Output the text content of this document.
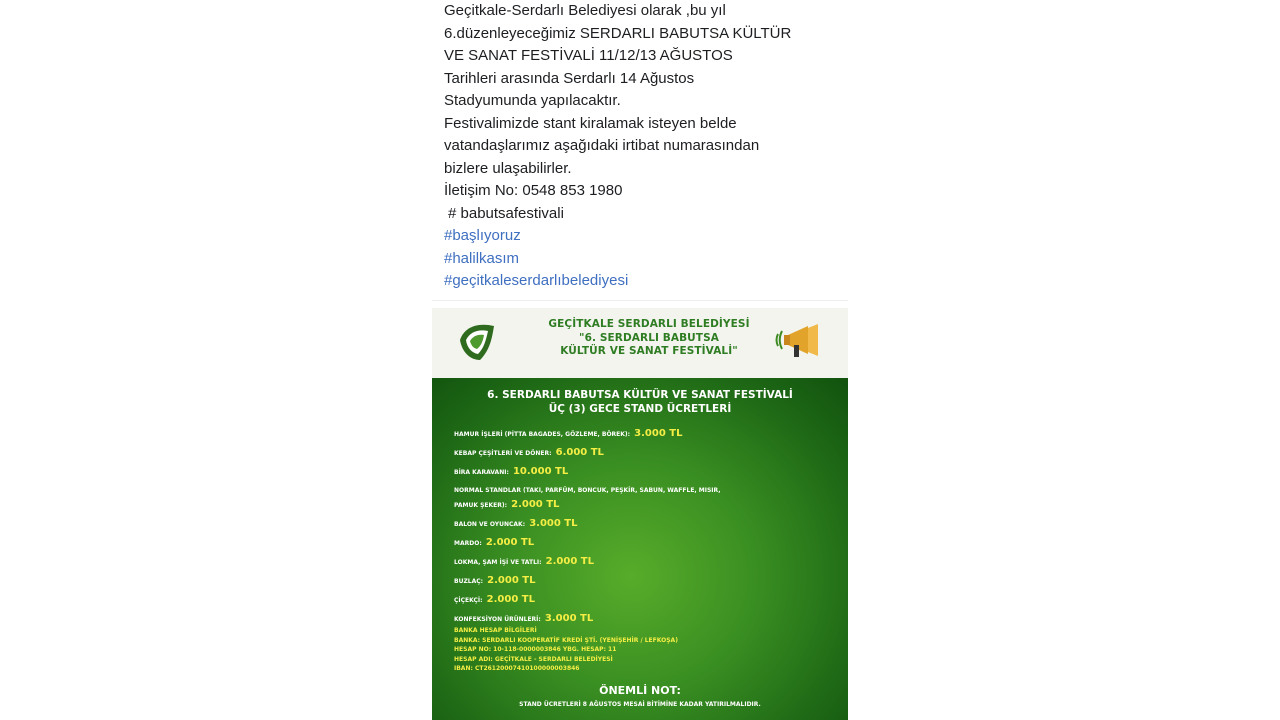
Geçitkale-Serdarlı Belediyesi olarak ,bu yıl
6.düzenleyeceğimiz SERDARLI BABUTSA KÜLTÜR
VE SANAT FESTİVALİ 11/12/13 AĞUSTOS
Tarihleri arasında Serdarlı 14 Ağustos
Stadyumunda yapılacaktır.
Festivalimizde stant kiralamak isteyen belde
vatandaşlarımız aşağıdaki irtibat numarasından
bizlere ulaşabilirler.
İletişim No: 0548 853 1980
# babutsafestivali
#başlıyoruz
#halilkasım
#geçitkaleserdarlıbelediyesi
GEÇİTKALE SERDARLI BELEDİYESİ
"6. SERDARLI BABUTSA
KÜLTÜR VE SANAT FESTİVALİ"
6. SERDARLI BABUTSA KÜLTÜR VE SANAT FESTİVALİ
ÜÇ (3) GECE STAND ÜCRETLERİ
HAMUR İŞLERİ (PİTTA BAGADES, GÖZLEME, BÖREK): 3.000 TL
KEBAP ÇEŞİTLERİ VE DÖNER: 6.000 TL
BİRA KARAVANI: 10.000 TL
NORMAL STANDLAR (TAKI, PARFÜM, BONCUK, PEŞKİR, SABUN, WAFFLE, MISIR,
PAMUK ŞEKER): 2.000 TL
BALON VE OYUNCAK: 3.000 TL
MARDO: 2.000 TL
LOKMA, ŞAM İŞİ VE TATLI: 2.000 TL
BUZLAÇ: 2.000 TL
ÇİÇEKÇİ: 2.000 TL
KONFEKSİYON ÜRÜNLERİ: 3.000 TL
BANKA HESAP BİLGİLERİ
BANKA: SERDARLI KOOPERATİF KREDİ ŞTİ. (YENİŞEHİR / LEFKOŞA)
HESAP NO: 10-118-0000003846 YBG. HESAP: 11
HESAP ADI: GEÇİTKALE - SERDARLI BELEDİYESİ
IBAN: CT26120007410100000003846
ÖNEMLİ NOT:
STAND ÜCRETLERİ 8 AĞUSTOS MESAİ BİTİMİNE KADAR YATIRILMALIDIR.
